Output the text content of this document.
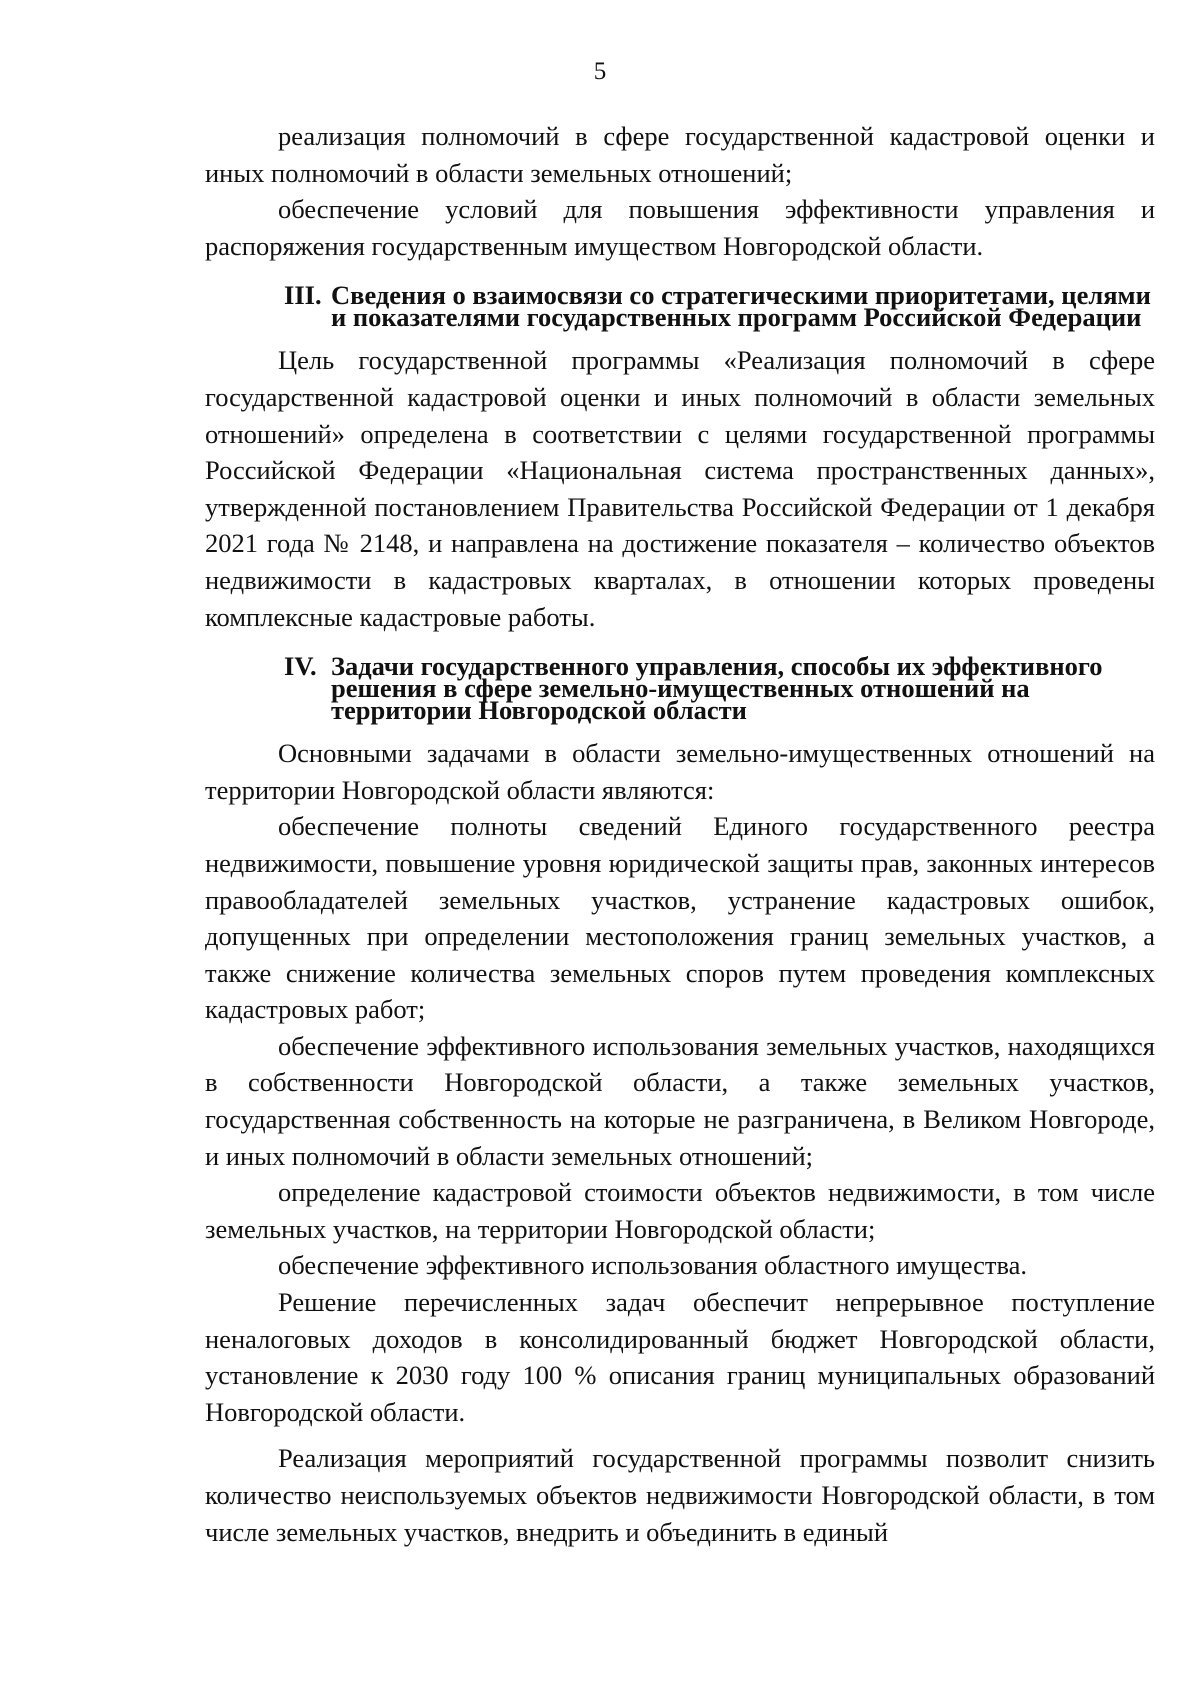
5

реализация полномочий в сфере государственной кадастровой оценки и иных полномочий в области земельных отношений;

обеспечение условий для повышения эффективности управления и распоряжения государственным имуществом Новгородской области.

III. Сведения о взаимосвязи со стратегическими приоритетами, целями и показателями государственных программ Российской Федерации

Цель государственной программы «Реализация полномочий в сфере государственной кадастровой оценки и иных полномочий в области земельных отношений» определена в соответствии с целями государственной программы Российской Федерации «Национальная система пространственных данных», утвержденной постановлением Правительства Российской Федерации от 1 декабря 2021 года № 2148, и направлена на достижение показателя – количество объектов недвижимости в кадастровых кварталах, в отношении которых проведены комплексные кадастровые работы.

IV. Задачи государственного управления, способы их эффективного решения в сфере земельно-имущественных отношений на территории Новгородской области

Основными задачами в области земельно-имущественных отношений на территории Новгородской области являются:

обеспечение полноты сведений Единого государственного реестра недвижимости, повышение уровня юридической защиты прав, законных интересов правообладателей земельных участков, устранение кадастровых ошибок, допущенных при определении местоположения границ земельных участков, а также снижение количества земельных споров путем проведения комплексных кадастровых работ;

обеспечение эффективного использования земельных участков, находящихся в собственности Новгородской области, а также земельных участков, государственная собственность на которые не разграничена, в Великом Новгороде, и иных полномочий в области земельных отношений;

определение кадастровой стоимости объектов недвижимости, в том числе земельных участков, на территории Новгородской области;

обеспечение эффективного использования областного имущества.

Решение перечисленных задач обеспечит непрерывное поступление неналоговых доходов в консолидированный бюджет Новгородской области, установление к 2030 году 100 % описания границ муниципальных образований Новгородской области.

Реализация мероприятий государственной программы позволит снизить количество неиспользуемых объектов недвижимости Новгородской области, в том числе земельных участков, внедрить и объединить в единый
